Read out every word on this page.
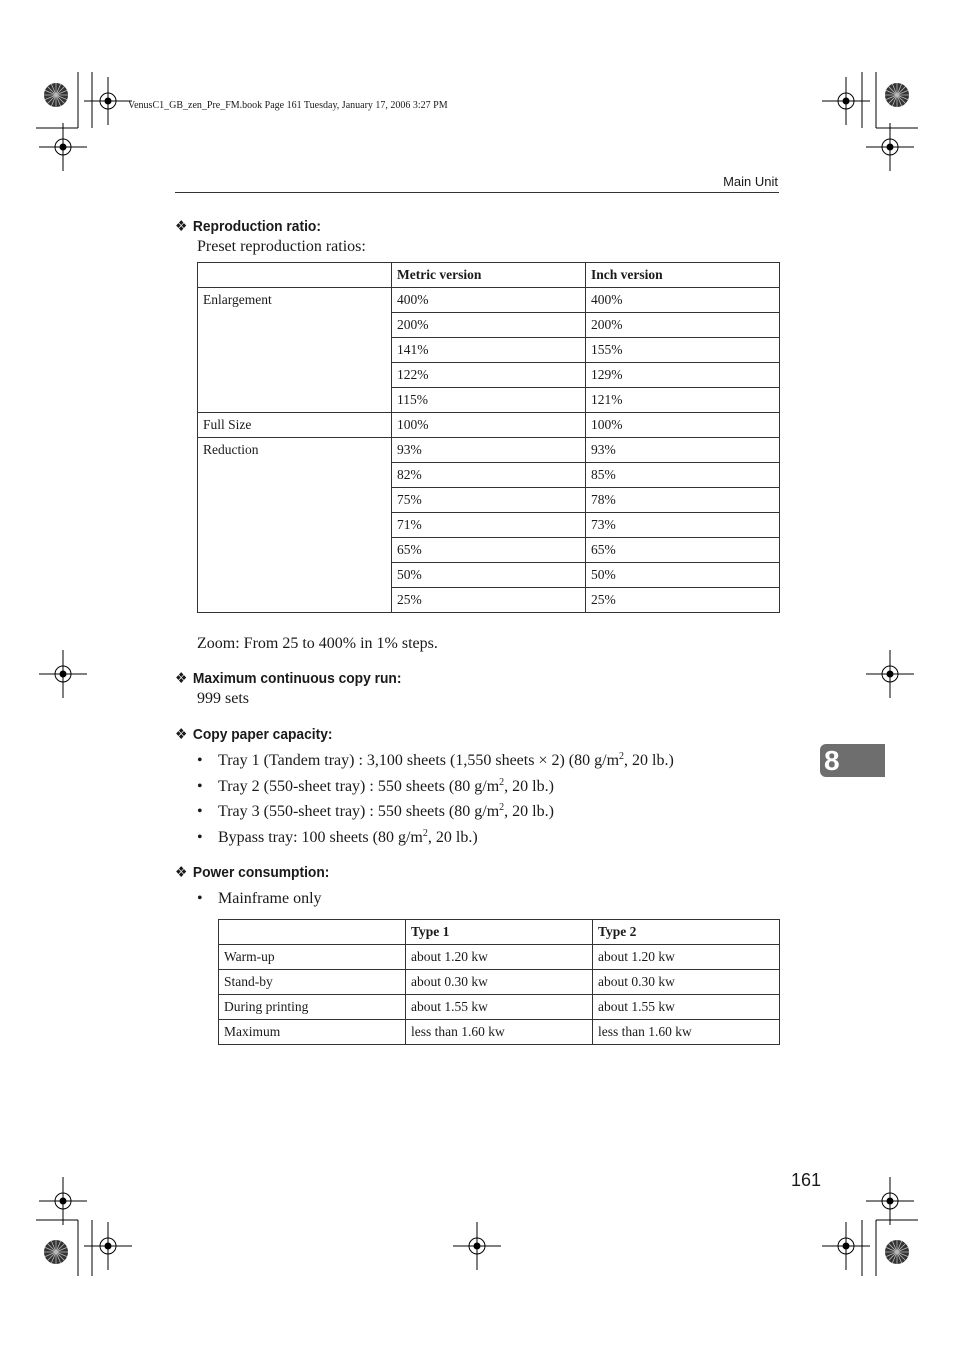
VenusC1_GB_zen_Pre_FM.book Page 161 Tuesday, January 17, 2006 3:27 PM
Main Unit
❖ Reproduction ratio:
Preset reproduction ratios:
	Metric version	Inch version
Enlargement	400%	400%
	200%	200%
	141%	155%
	122%	129%
	115%	121%
Full Size	100%	100%
Reduction	93%	93%
	82%	85%
	75%	78%
	71%	73%
	65%	65%
	50%	50%
	25%	25%
Zoom: From 25 to 400% in 1% steps.
❖ Maximum continuous copy run:
999 sets
❖ Copy paper capacity:
• Tray 1 (Tandem tray) : 3,100 sheets (1,550 sheets × 2) (80 $g/m^2$, 20 lb.)
• Tray 2 (550-sheet tray) : 550 sheets (80 $g/m^2$, 20 lb.)
• Tray 3 (550-sheet tray) : 550 sheets (80 $g/m^2$, 20 lb.)
• Bypass tray: 100 sheets (80 $g/m^2$, 20 lb.)
❖ Power consumption:
• Mainframe only
	Type 1	Type 2
Warm-up	about 1.20 kw	about 1.20 kw
Stand-by	about 0.30 kw	about 0.30 kw
During printing	about 1.55 kw	about 1.55 kw
Maximum	less than 1.60 kw	less than 1.60 kw
8
161
